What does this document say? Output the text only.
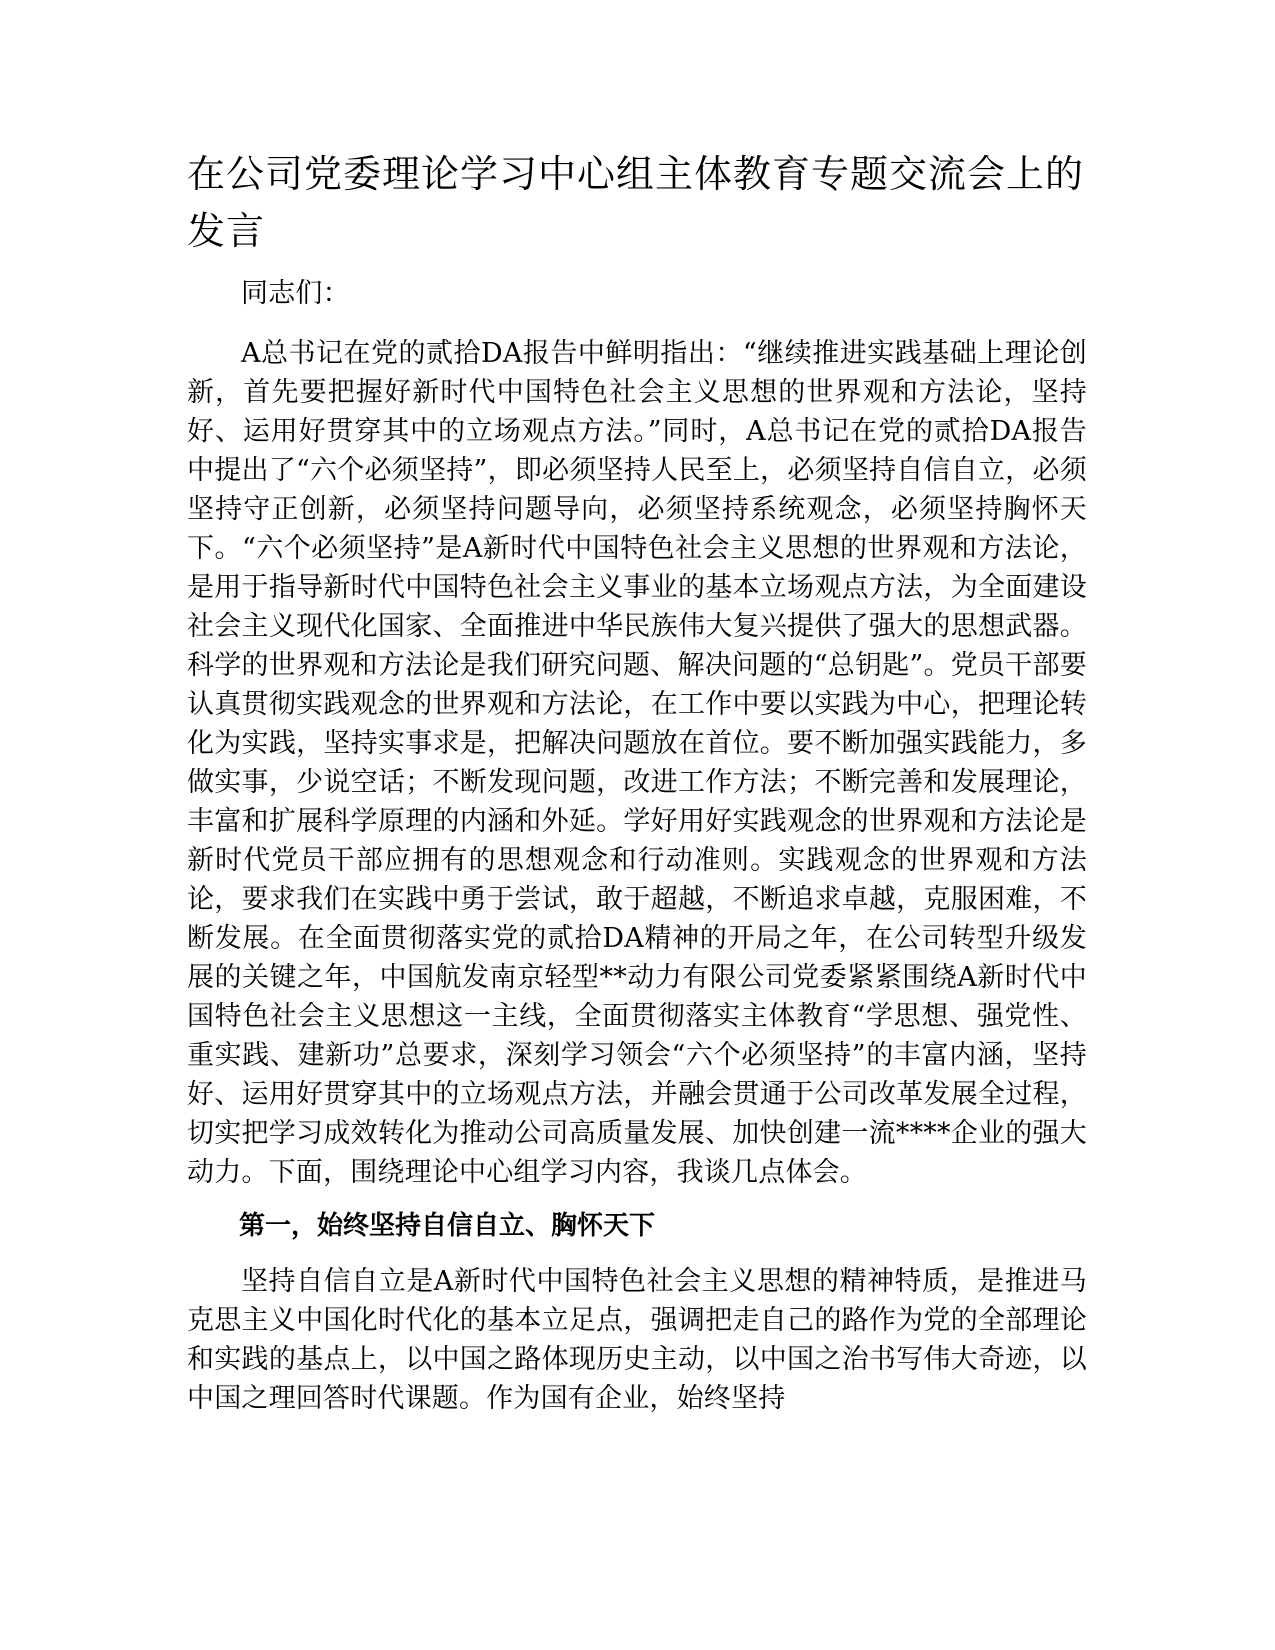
在公司党委理论学习中心组主体教育专题交流会上的发言

同志们：

A总书记在党的贰拾DA报告中鲜明指出：“继续推进实践基础上理论创新，首先要把握好新时代中国特色社会主义思想的世界观和方法论，坚持好、运用好贯穿其中的立场观点方法。”同时，A总书记在党的贰拾DA报告中提出了“六个必须坚持”，即必须坚持人民至上，必须坚持自信自立，必须坚持守正创新，必须坚持问题导向，必须坚持系统观念，必须坚持胸怀天下。“六个必须坚持”是A新时代中国特色社会主义思想的世界观和方法论，是用于指导新时代中国特色社会主义事业的基本立场观点方法，为全面建设社会主义现代化国家、全面推进中华民族伟大复兴提供了强大的思想武器。科学的世界观和方法论是我们研究问题、解决问题的“总钥匙”。党员干部要认真贯彻实践观念的世界观和方法论，在工作中要以实践为中心，把理论转化为实践，坚持实事求是，把解决问题放在首位。要不断加强实践能力，多做实事，少说空话；不断发现问题，改进工作方法；不断完善和发展理论，丰富和扩展科学原理的内涵和外延。学好用好实践观念的世界观和方法论是新时代党员干部应拥有的思想观念和行动准则。实践观念的世界观和方法论，要求我们在实践中勇于尝试，敢于超越，不断追求卓越，克服困难，不断发展。在全面贯彻落实党的贰拾DA精神的开局之年，在公司转型升级发展的关键之年，中国航发南京轻型**动力有限公司党委紧紧围绕A新时代中国特色社会主义思想这一主线，全面贯彻落实主体教育“学思想、强党性、重实践、建新功”总要求，深刻学习领会“六个必须坚持”的丰富内涵，坚持好、运用好贯穿其中的立场观点方法，并融会贯通于公司改革发展全过程，切实把学习成效转化为推动公司高质量发展、加快创建一流****企业的强大动力。下面，围绕理论中心组学习内容，我谈几点体会。

第一，始终坚持自信自立、胸怀天下

坚持自信自立是A新时代中国特色社会主义思想的精神特质，是推进马克思主义中国化时代化的基本立足点，强调把走自己的路作为党的全部理论和实践的基点上，以中国之路体现历史主动，以中国之治书写伟大奇迹，以中国之理回答时代课题。作为国有企业，始终坚持
